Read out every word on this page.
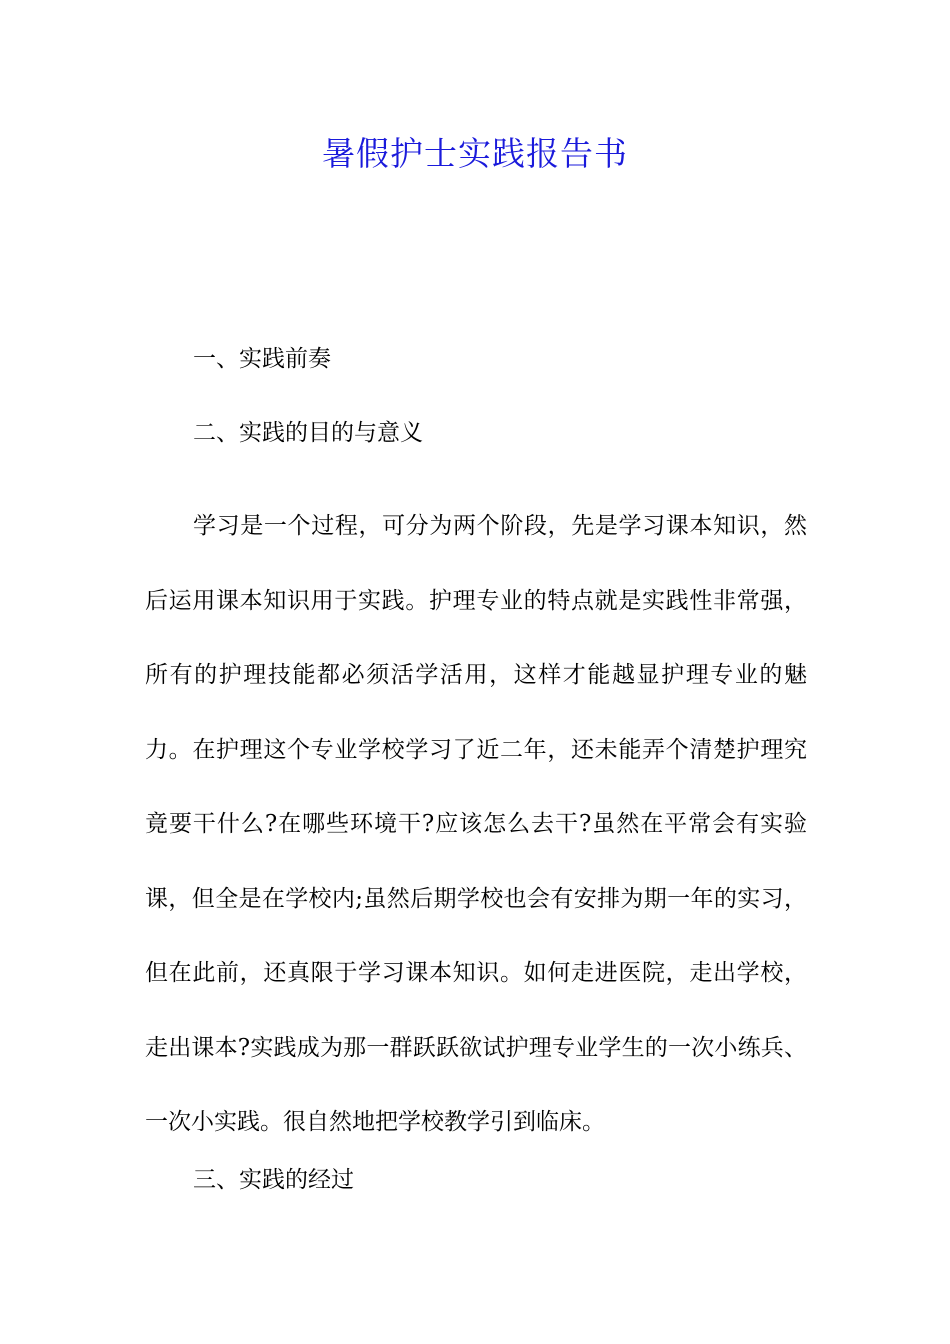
暑假护士实践报告书

一、实践前奏

二、实践的目的与意义

学习是一个过程，可分为两个阶段，先是学习课本知识，然后运用课本知识用于实践。护理专业的特点就是实践性非常强，所有的护理技能都必须活学活用，这样才能越显护理专业的魅力。在护理这个专业学校学习了近二年，还未能弄个清楚护理究竟要干什么?在哪些环境干?应该怎么去干?虽然在平常会有实验课，但全是在学校内;虽然后期学校也会有安排为期一年的实习，但在此前，还真限于学习课本知识。如何走进医院，走出学校，走出课本?实践成为那一群跃跃欲试护理专业学生的一次小练兵、一次小实践。很自然地把学校教学引到临床。

三、实践的经过
